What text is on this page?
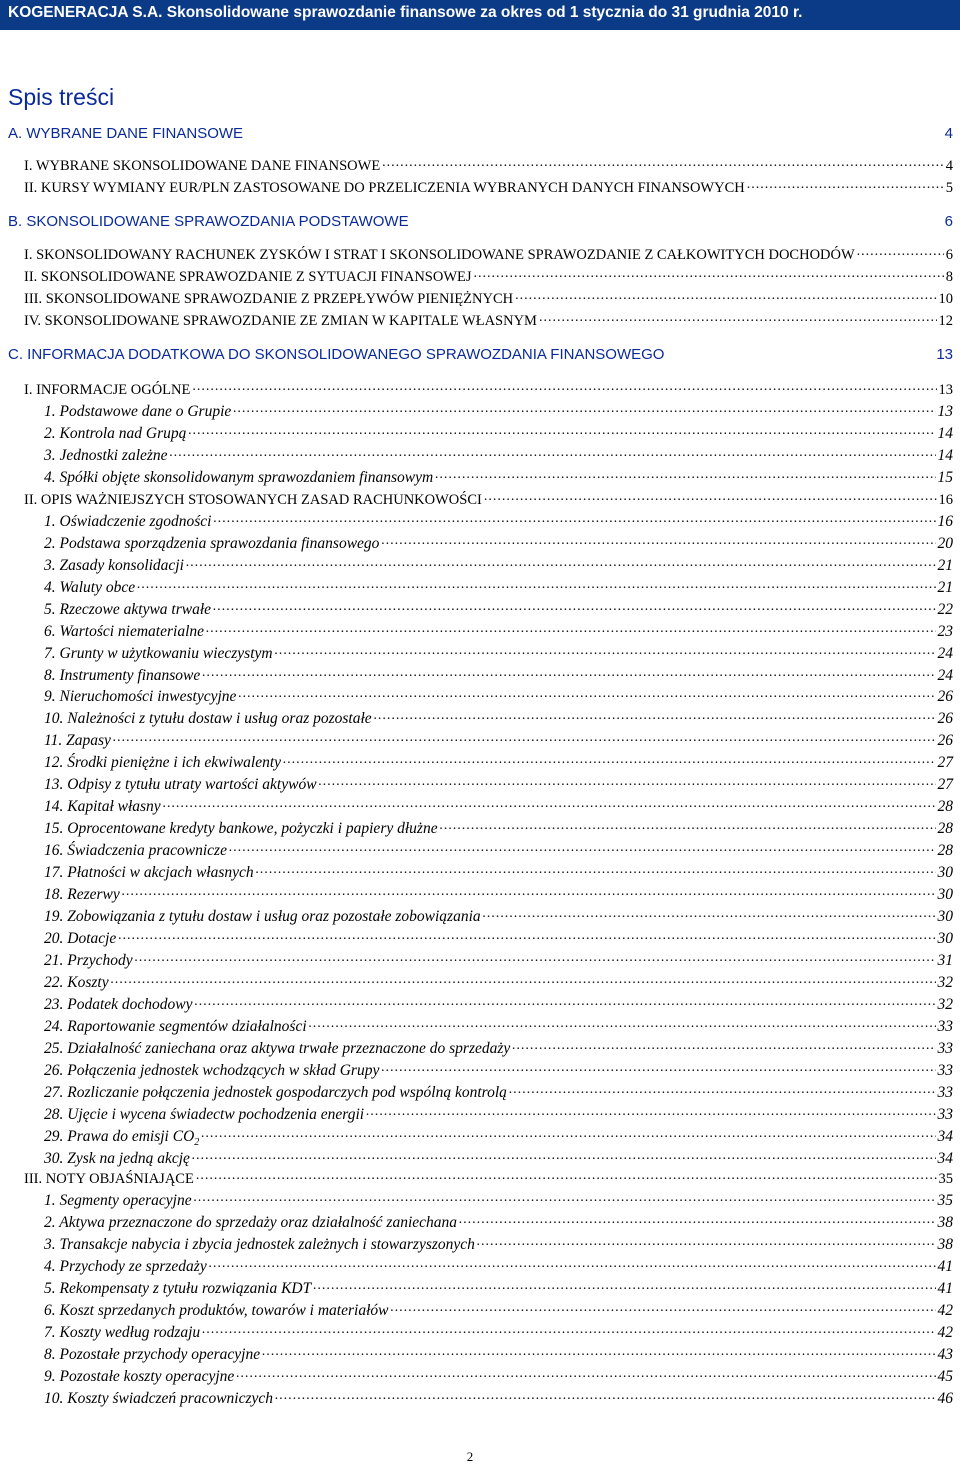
KOGENERACJA S.A. Skonsolidowane sprawozdanie finansowe za okres od 1 stycznia do 31 grudnia 2010 r.
Spis treści
A. WYBRANE DANE FINANSOWE .....	4
I. WYBRANE SKONSOLIDOWANE DANE FINANSOWE .....	4
II. KURSY WYMIANY EUR/PLN ZASTOSOWANE DO PRZELICZENIA WYBRANYCH DANYCH FINANSOWYCH .....	5
B. SKONSOLIDOWANE SPRAWOZDANIA PODSTAWOWE .....	6
I. SKONSOLIDOWANY RACHUNEK ZYSKÓW I STRAT I SKONSOLIDOWANE SPRAWOZDANIE Z CAŁKOWITYCH DOCHODÓW .....	6
II. SKONSOLIDOWANE SPRAWOZDANIE Z SYTUACJI FINANSOWEJ .....	8
III. SKONSOLIDOWANE SPRAWOZDANIE Z PRZEPŁYWÓW PIENIĘŻNYCH .....	10
IV. SKONSOLIDOWANE SPRAWOZDANIE ZE ZMIAN W KAPITALE WŁASNYM .....	12
C. INFORMACJA DODATKOWA DO SKONSOLIDOWANEGO SPRAWOZDANIA FINANSOWEGO .....	13
I. INFORMACJE OGÓLNE .....	13
1. Podstawowe dane o Grupie .....	13
2. Kontrola nad Grupą .....	14
3. Jednostki zależne .....	14
4. Spółki objęte skonsolidowanym sprawozdaniem finansowym .....	15
II. OPIS WAŻNIEJSZYCH STOSOWANYCH ZASAD RACHUNKOWOŚCI .....	16
1. Oświadczenie zgodności .....	16
2. Podstawa sporządzenia sprawozdania finansowego .....	20
3. Zasady konsolidacji .....	21
4. Waluty obce .....	21
5. Rzeczowe aktywa trwałe .....	22
6. Wartości niematerialne .....	23
7. Grunty w użytkowaniu wieczystym .....	24
8. Instrumenty finansowe .....	24
9. Nieruchomości inwestycyjne .....	26
10. Należności z tytułu dostaw i usług oraz pozostałe .....	26
11. Zapasy .....	26
12. Środki pieniężne i ich ekwiwalenty .....	27
13. Odpisy z tytułu utraty wartości aktywów .....	27
14. Kapitał własny .....	28
15. Oprocentowane kredyty bankowe, pożyczki i papiery dłużne .....	28
16. Świadczenia pracownicze .....	28
17. Płatności w akcjach własnych .....	30
18. Rezerwy .....	30
19. Zobowiązania z tytułu dostaw i usług oraz pozostałe zobowiązania .....	30
20. Dotacje .....	30
21. Przychody .....	31
22. Koszty .....	32
23. Podatek dochodowy .....	32
24. Raportowanie segmentów działalności .....	33
25. Działalność zaniechana oraz aktywa trwałe przeznaczone do sprzedaży .....	33
26. Połączenia jednostek wchodzących w skład Grupy .....	33
27. Rozliczanie połączenia jednostek gospodarczych pod wspólną kontrolą .....	33
28. Ujęcie i wycena świadectw pochodzenia energii .....	33
29. Prawa do emisji $CO_2$ .....	34
30. Zysk na jedną akcję .....	34
III. NOTY OBJAŚNIAJĄCE .....	35
1. Segmenty operacyjne .....	35
2. Aktywa przeznaczone do sprzedaży oraz działalność zaniechana .....	38
3. Transakcje nabycia i zbycia jednostek zależnych i stowarzyszonych .....	38
4. Przychody ze sprzedaży .....	41
5. Rekompensaty z tytułu rozwiązania KDT .....	41
6. Koszt sprzedanych produktów, towarów i materiałów .....	42
7. Koszty według rodzaju .....	42
8. Pozostałe przychody operacyjne .....	43
9. Pozostałe koszty operacyjne .....	45
10. Koszty świadczeń pracowniczych .....	46
2
